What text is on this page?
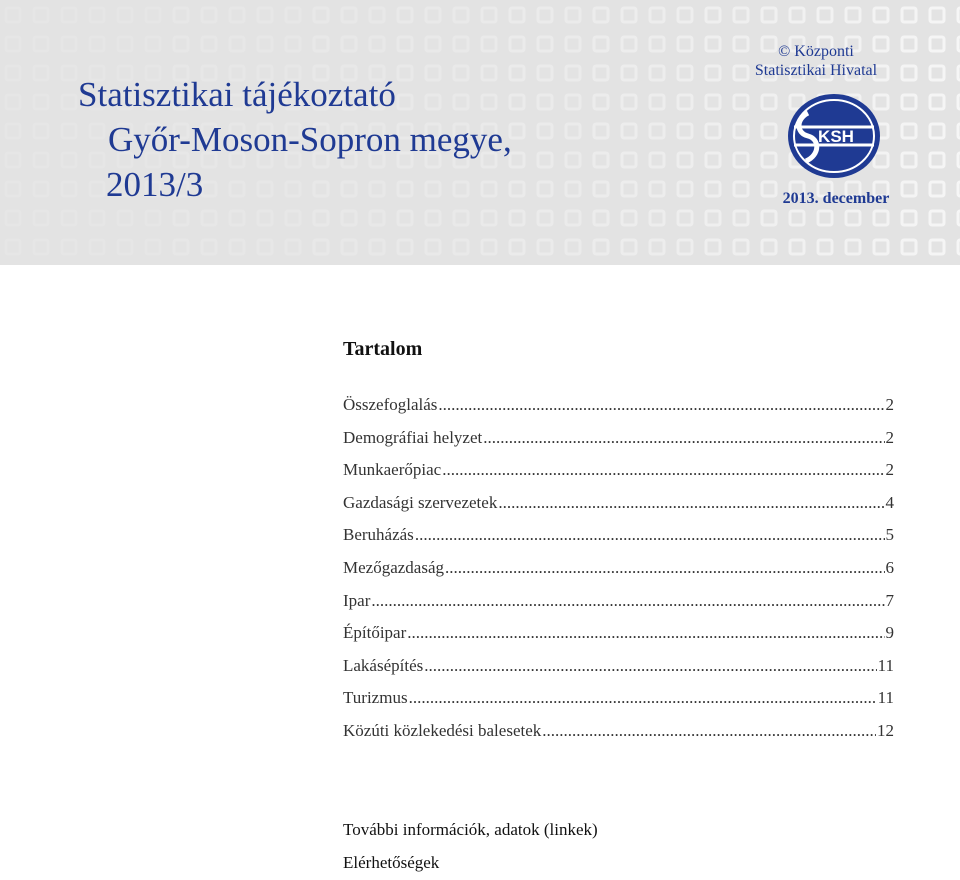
Statisztikai tájékoztató
Győr-Moson-Sopron megye,
2013/3
© Központi
Statisztikai Hivatal
KSH
2013. december
Tartalom
Összefoglalás .....	2
Demográfiai helyzet .....	2
Munkaerőpiac .....	2
Gazdasági szervezetek .....	4
Beruházás .....	5
Mezőgazdaság .....	6
Ipar .....	7
Építőipar .....	9
Lakásépítés .....	11
Turizmus .....	11
Közúti közlekedési balesetek .....	12
További információk, adatok (linkek)
Elérhetőségek
